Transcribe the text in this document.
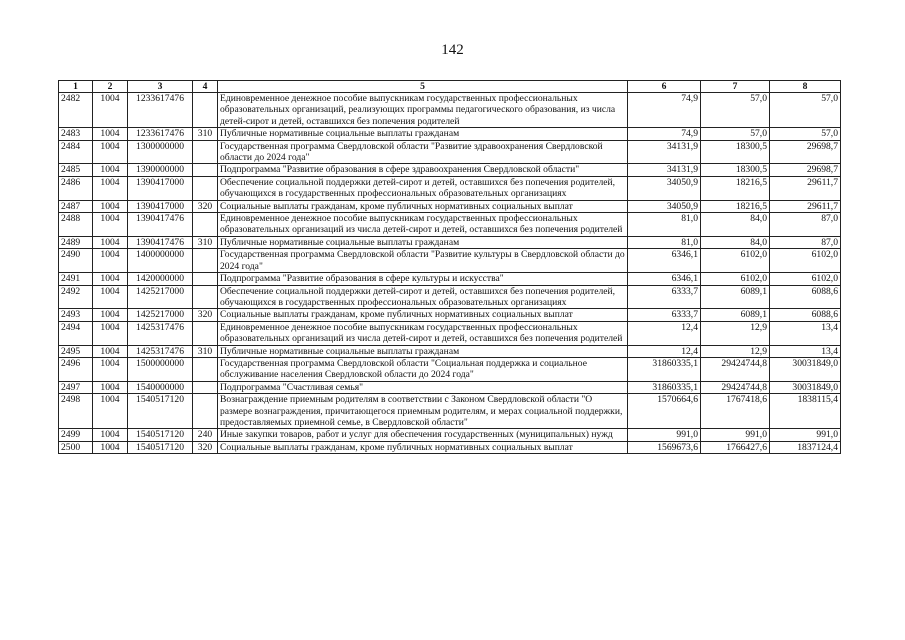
142
1	2	3	4	5	6	7	8
2482	1004	1233617476		Единовременное денежное пособие выпускникам государственных профессиональных образовательных организаций, реализующих программы педагогического образования, из числа детей-сирот и детей, оставшихся без попечения родителей	74,9	57,0	57,0
2483	1004	1233617476	310	Публичные нормативные социальные выплаты гражданам	74,9	57,0	57,0
2484	1004	1300000000		Государственная программа Свердловской области "Развитие здравоохранения Свердловской области до 2024 года"	34131,9	18300,5	29698,7
2485	1004	1390000000		Подпрограмма "Развитие образования в сфере здравоохранения Свердловской области"	34131,9	18300,5	29698,7
2486	1004	1390417000		Обеспечение социальной поддержки детей-сирот и детей, оставшихся без попечения родителей, обучающихся в государственных профессиональных образовательных организациях	34050,9	18216,5	29611,7
2487	1004	1390417000	320	Социальные выплаты гражданам, кроме публичных нормативных социальных выплат	34050,9	18216,5	29611,7
2488	1004	1390417476		Единовременное денежное пособие выпускникам государственных профессиональных образовательных организаций из числа детей-сирот и детей, оставшихся без попечения родителей	81,0	84,0	87,0
2489	1004	1390417476	310	Публичные нормативные социальные выплаты гражданам	81,0	84,0	87,0
2490	1004	1400000000		Государственная программа Свердловской области "Развитие культуры в Свердловской области до 2024 года"	6346,1	6102,0	6102,0
2491	1004	1420000000		Подпрограмма "Развитие образования в сфере культуры и искусства"	6346,1	6102,0	6102,0
2492	1004	1425217000		Обеспечение социальной поддержки детей-сирот и детей, оставшихся без попечения родителей, обучающихся в государственных профессиональных образовательных организациях	6333,7	6089,1	6088,6
2493	1004	1425217000	320	Социальные выплаты гражданам, кроме публичных нормативных социальных выплат	6333,7	6089,1	6088,6
2494	1004	1425317476		Единовременное денежное пособие выпускникам государственных профессиональных образовательных организаций из числа детей-сирот и детей, оставшихся без попечения родителей	12,4	12,9	13,4
2495	1004	1425317476	310	Публичные нормативные социальные выплаты гражданам	12,4	12,9	13,4
2496	1004	1500000000		Государственная программа Свердловской области "Социальная поддержка и социальное обслуживание населения Свердловской области до 2024 года"	31860335,1	29424744,8	30031849,0
2497	1004	1540000000		Подпрограмма "Счастливая семья"	31860335,1	29424744,8	30031849,0
2498	1004	1540517120		Вознаграждение приемным родителям в соответствии с Законом Свердловской области "О размере вознаграждения, причитающегося приемным родителям, и мерах социальной поддержки, предоставляемых приемной семье, в Свердловской области"	1570664,6	1767418,6	1838115,4
2499	1004	1540517120	240	Иные закупки товаров, работ и услуг для обеспечения государственных (муниципальных) нужд	991,0	991,0	991,0
2500	1004	1540517120	320	Социальные выплаты гражданам, кроме публичных нормативных социальных выплат	1569673,6	1766427,6	1837124,4
